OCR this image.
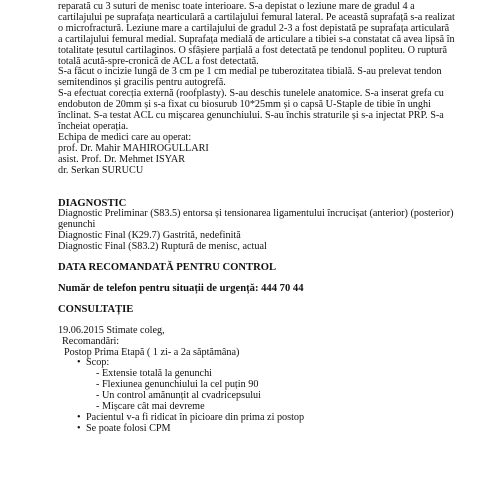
reparată cu 3 suturi de menisc toate interioare. S-a depistat o leziune mare de gradul 4 a
cartilajului pe suprafața nearticulară a cartilajului femural lateral. Pe această suprafață s-a realizat
o microfractură. Leziune mare a cartilajului de gradul 2-3 a fost depistată pe suprafața articulară
a cartilajului femural medial. Suprafața medială de articulare a tibiei s-a constatat că avea lipsă în
totalitate țesutul cartilaginos. O sfâșiere parțială a fost detectată pe tendonul popliteu. O ruptură
totală acută-spre-cronică de ACL a fost detectată.
S-a făcut o incizie lungă de 3 cm pe 1 cm medial pe tuberozitatea tibială. S-au prelevat tendon
semitendinos și gracilis pentru autogrefă.
S-a efectuat corecția externă (roofplasty). S-au deschis tunelele anatomice. S-a inserat grefa cu
endobuton de 20mm și s-a fixat cu biosurub 10*25mm și o capsă U-Staple de tibie în unghi
înclinat. S-a testat ACL cu mișcarea genunchiului. S-au închis straturile și s-a injectat PRP. S-a
încheiat operația.
Echipa de medici care au operat:
prof. Dr. Mahir MAHIROGULLARI
asist. Prof. Dr. Mehmet ISYAR
dr. Serkan SURUCU
DIAGNOSTIC
Diagnostic Preliminar (S83.5) entorsa și tensionarea ligamentului încrucișat (anterior) (posterior)
genunchi
Diagnostic Final (K29.7) Gastrită, nedefinită
Diagnostic Final (S83.2) Ruptură de menisc, actual
DATA RECOMANDATĂ PENTRU CONTROL
Număr de telefon pentru situații de urgență: 444 70 44
CONSULTAȚIE
19.06.2015 Stimate coleg,
Recomandări:
Postop Prima Etapă ( 1 zi- a 2a săptămâna)
• Scop:
- Extensie totală la genunchi
- Flexiunea genunchiului la cel puțin 90
- Un control amănunțit al cvadricepsului
- Mișcare cât mai devreme
• Pacientul v-a fi ridicat în picioare din prima zi postop
• Se poate folosi CPM
